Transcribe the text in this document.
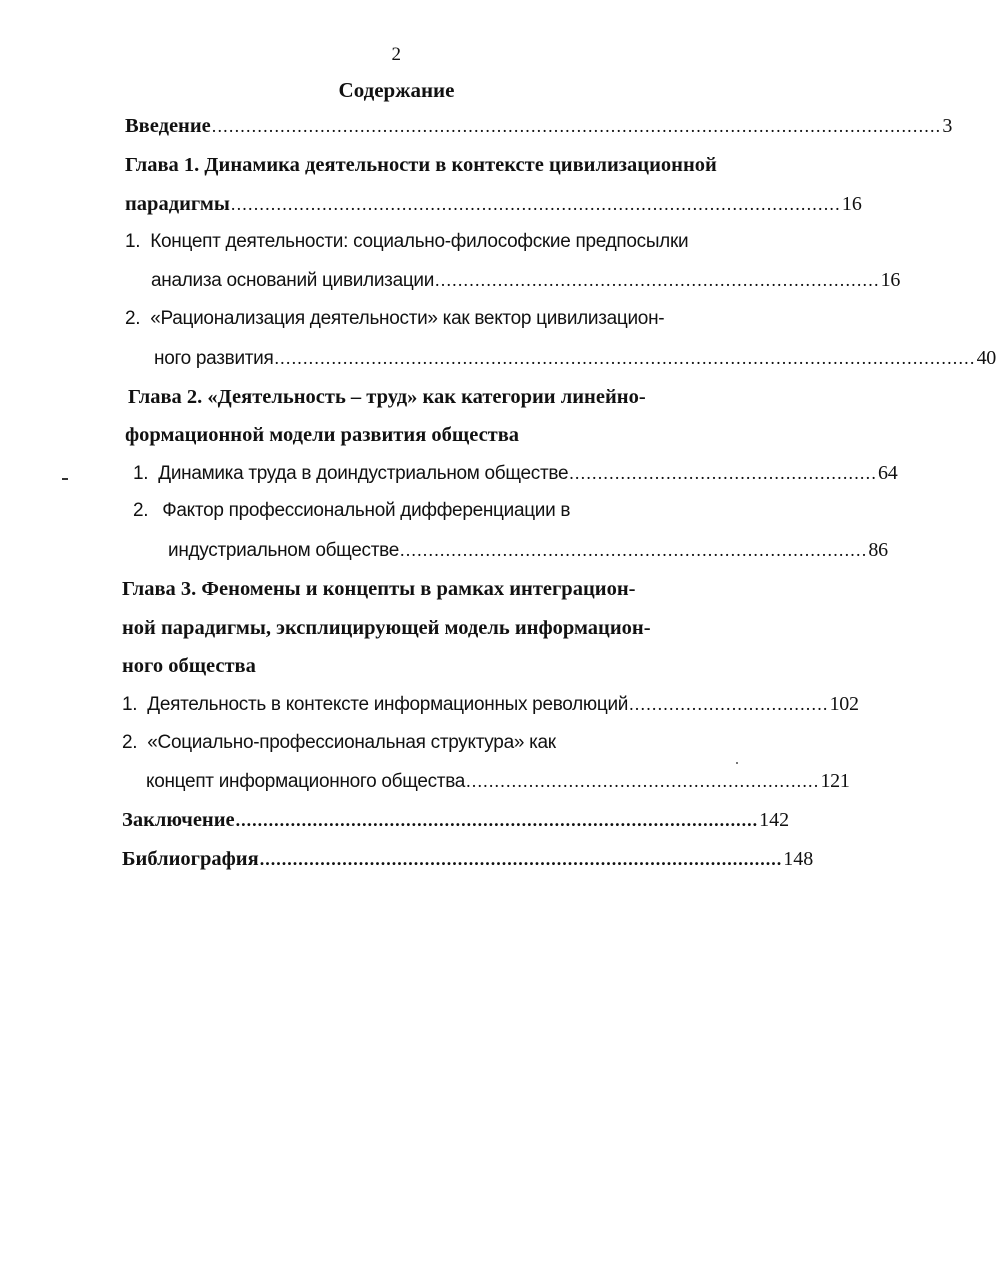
2
Содержание
Введение ................................................................................................................................ 3
Глава 1. Динамика деятельности в контексте цивилизационной
парадигмы ........................................................................................................... 16
1. Концепт деятельности: социально-философские предпосылки
анализа оснований цивилизации .............................................................................. 16
2. «Рационализация деятельности» как вектор цивилизацион-
ного развития ........................................................................................................................... 40
Глава 2. «Деятельность – труд» как категории линейно-
формационной модели развития общества
1. Динамика труда в доиндустриальном обществе ...................................................... 64
2. Фактор профессиональной дифференциации в
индустриальном обществе .................................................................................. 86
Глава 3. Феномены и концепты в рамках интеграцион-
ной парадигмы, эксплицирующей модель информацион-
ного общества
1. Деятельность в контексте информационных революций ................................... 102
2. «Социально-профессиональная структура» как
концепт информационного общества .............................................................. 121
Заключение ............................................................................................... 142
Библиография ............................................................................................... 148
